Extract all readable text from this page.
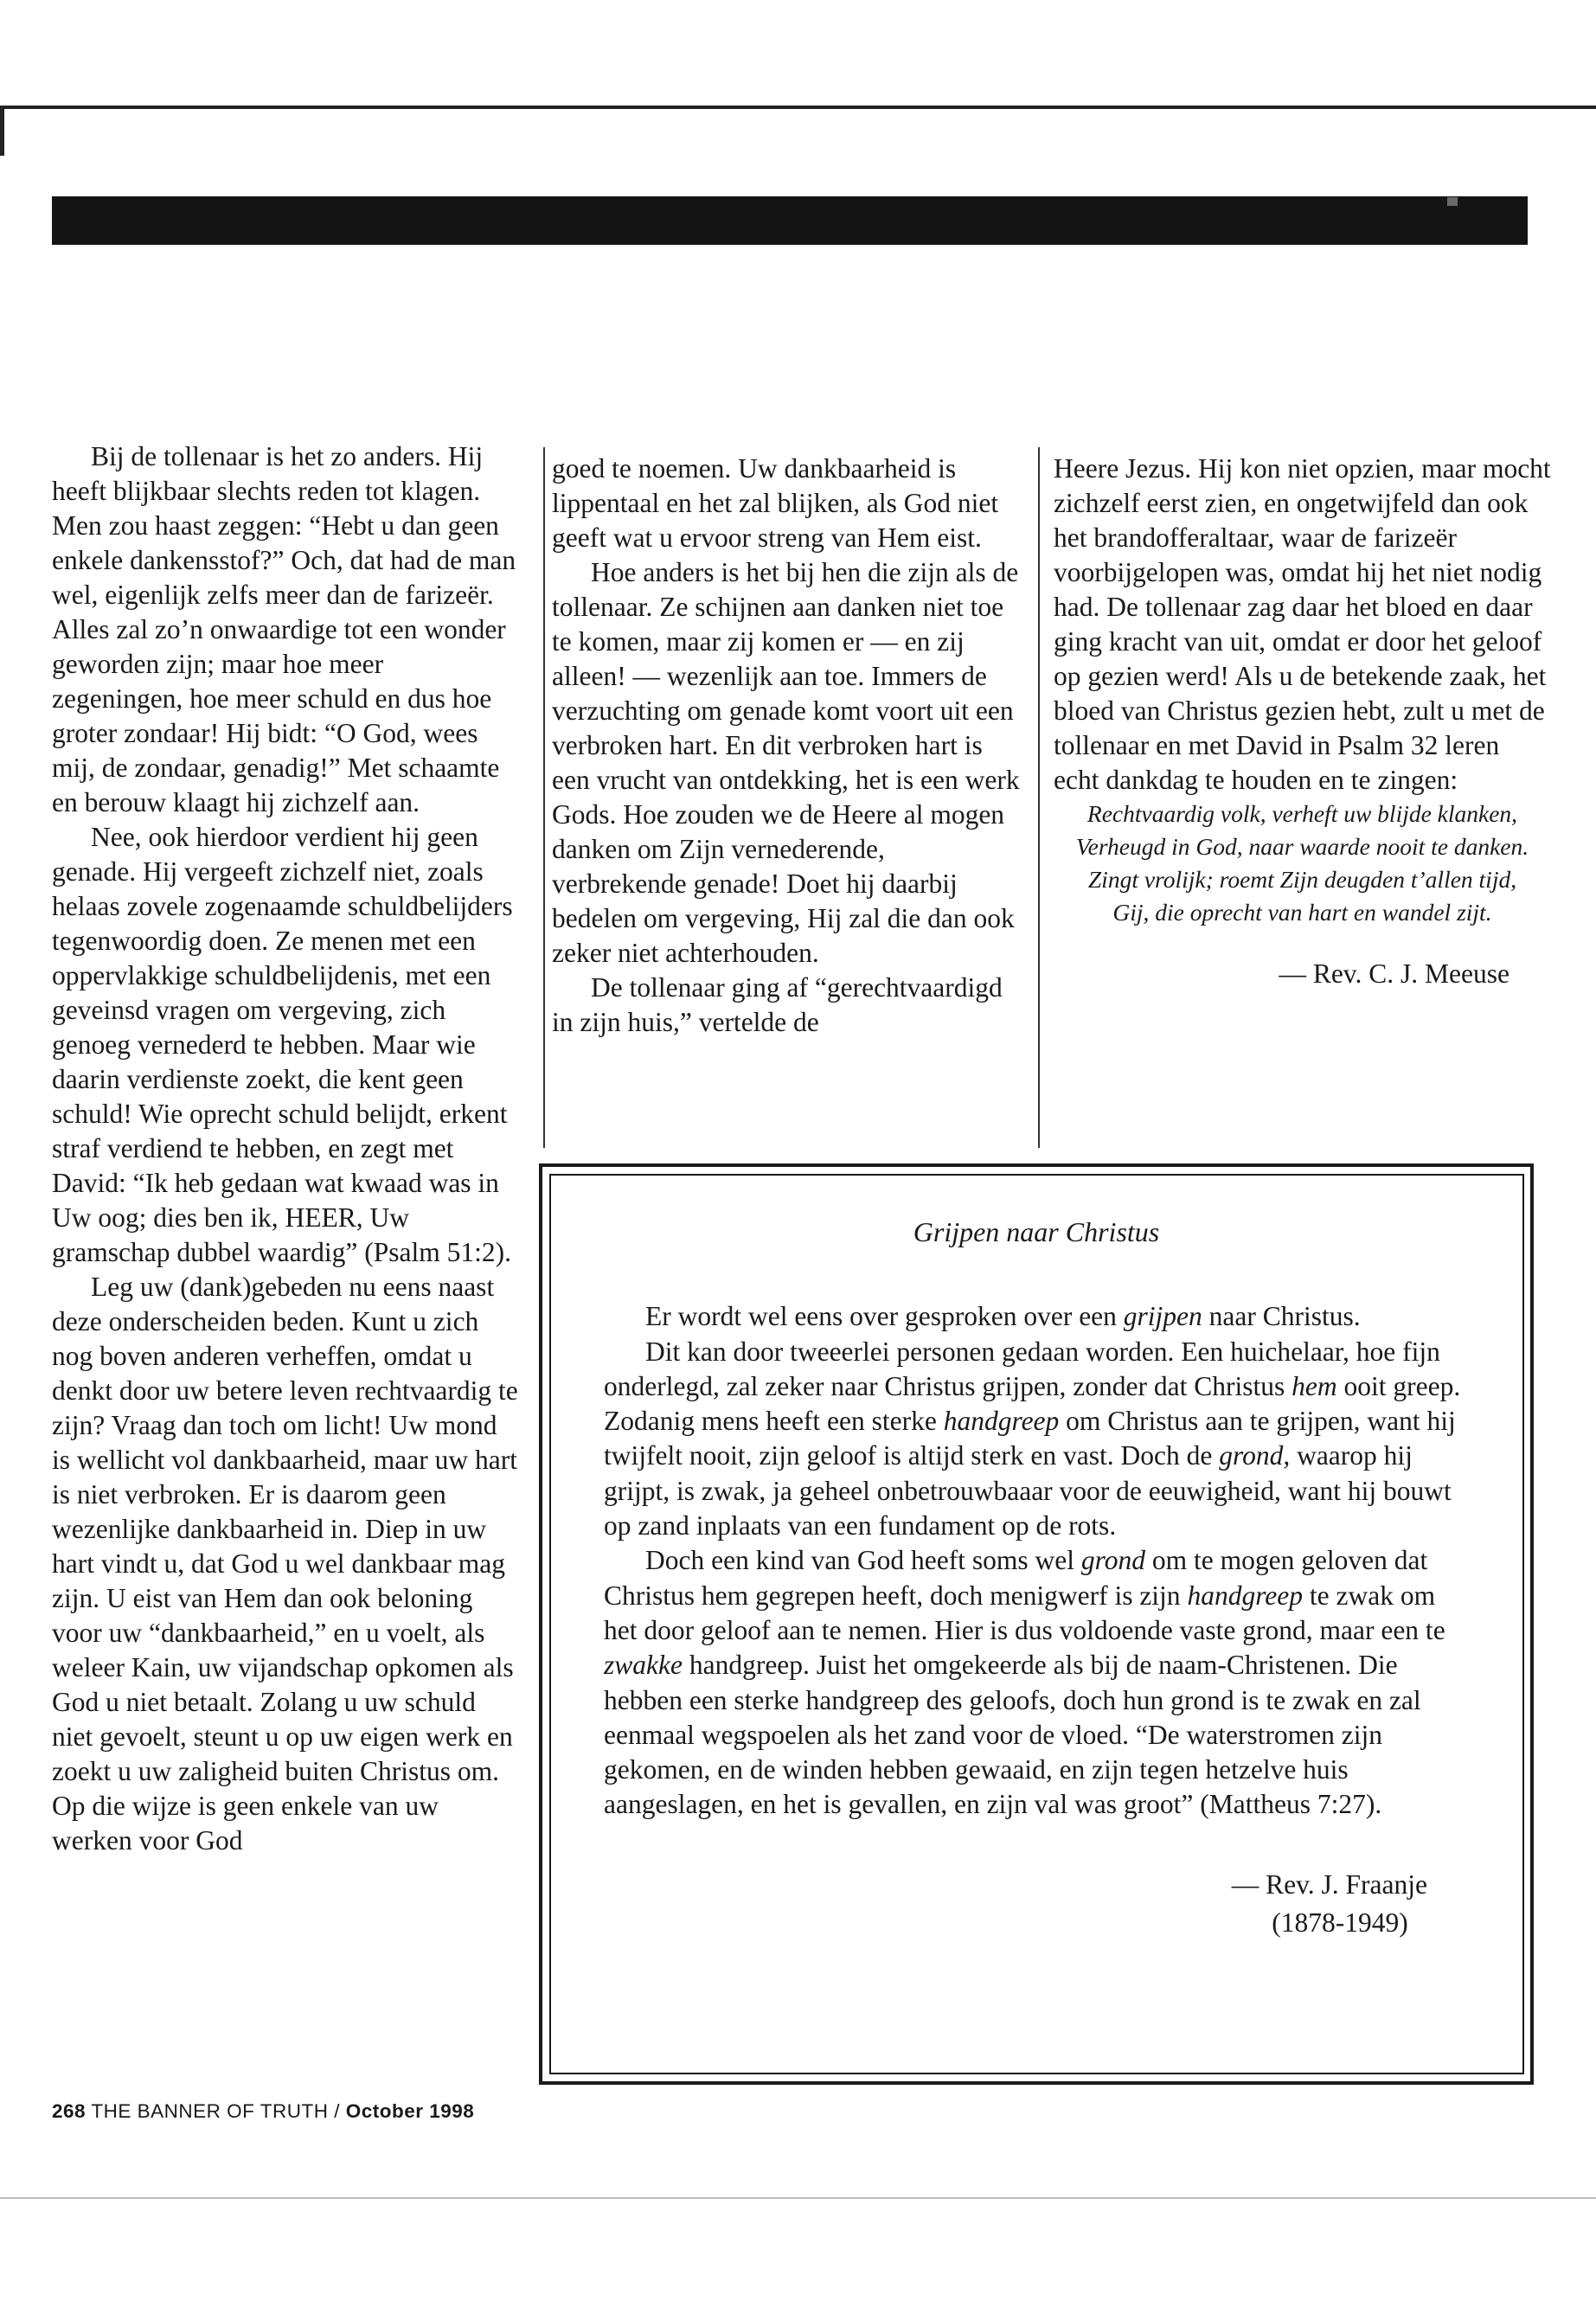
Bij de tollenaar is het zo anders. Hij heeft blijkbaar slechts reden tot klagen. Men zou haast zeggen: “Hebt u dan geen enkele dankensstof?” Och, dat had de man wel, eigenlijk zelfs meer dan de farizeër. Alles zal zo’n onwaardige tot een wonder geworden zijn; maar hoe meer zegeningen, hoe meer schuld en dus hoe groter zondaar! Hij bidt: “O God, wees mij, de zondaar, genadig!” Met schaamte en berouw klaagt hij zichzelf aan.

Nee, ook hierdoor verdient hij geen genade. Hij vergeeft zichzelf niet, zoals helaas zovele zogenaamde schuldbelijders tegenwoordig doen. Ze menen met een oppervlakkige schuldbelijdenis, met een geveinsd vragen om vergeving, zich genoeg vernederd te hebben. Maar wie daarin verdienste zoekt, die kent geen schuld! Wie oprecht schuld belijdt, erkent straf verdiend te hebben, en zegt met David: “Ik heb gedaan wat kwaad was in Uw oog; dies ben ik, HEER, Uw gramschap dubbel waardig” (Psalm 51:2).

Leg uw (dank)gebeden nu eens naast deze onderscheiden beden. Kunt u zich nog boven anderen verheffen, omdat u denkt door uw betere leven rechtvaardig te zijn? Vraag dan toch om licht! Uw mond is wellicht vol dankbaarheid, maar uw hart is niet verbroken. Er is daarom geen wezenlijke dankbaarheid in. Diep in uw hart vindt u, dat God u wel dankbaar mag zijn. U eist van Hem dan ook beloning voor uw “dankbaarheid,” en u voelt, als weleer Kain, uw vijandschap opkomen als God u niet betaalt. Zolang u uw schuld niet gevoelt, steunt u op uw eigen werk en zoekt u uw zaligheid buiten Christus om. Op die wijze is geen enkele van uw werken voor God

goed te noemen. Uw dankbaarheid is lippentaal en het zal blijken, als God niet geeft wat u ervoor streng van Hem eist.

Hoe anders is het bij hen die zijn als de tollenaar. Ze schijnen aan danken niet toe te komen, maar zij komen er — en zij alleen! — wezenlijk aan toe. Immers de verzuchting om genade komt voort uit een verbroken hart. En dit verbroken hart is een vrucht van ontdekking, het is een werk Gods. Hoe zouden we de Heere al mogen danken om Zijn vernederende, verbrekende genade! Doet hij daarbij bedelen om vergeving, Hij zal die dan ook zeker niet achterhouden.

De tollenaar ging af “gerechtvaardigd in zijn huis,” vertelde de

Heere Jezus. Hij kon niet opzien, maar mocht zichzelf eerst zien, en ongetwijfeld dan ook het brandofferaltaar, waar de farizeër voorbijgelopen was, omdat hij het niet nodig had. De tollenaar zag daar het bloed en daar ging kracht van uit, omdat er door het geloof op gezien werd! Als u de betekende zaak, het bloed van Christus gezien hebt, zult u met de tollenaar en met David in Psalm 32 leren echt dankdag te houden en te zingen:

Rechtvaardig volk, verheft uw blijde klanken,
Verheugd in God, naar waarde nooit te danken.
Zingt vrolijk; roemt Zijn deugden t’allen tijd,
Gij, die oprecht van hart en wandel zijt.

— Rev. C. J. Meeuse

Grijpen naar Christus

Er wordt wel eens over gesproken over een grijpen naar Christus.

Dit kan door tweeerlei personen gedaan worden. Een huichelaar, hoe fijn onderlegd, zal zeker naar Christus grijpen, zonder dat Christus hem ooit greep. Zodanig mens heeft een sterke handgreep om Christus aan te grijpen, want hij twijfelt nooit, zijn geloof is altijd sterk en vast. Doch de grond, waarop hij grijpt, is zwak, ja geheel onbetrouwbaaar voor de eeuwigheid, want hij bouwt op zand inplaats van een fundament op de rots.

Doch een kind van God heeft soms wel grond om te mogen geloven dat Christus hem gegrepen heeft, doch menigwerf is zijn handgreep te zwak om het door geloof aan te nemen. Hier is dus voldoende vaste grond, maar een te zwakke handgreep. Juist het omgekeerde als bij de naam-Christenen. Die hebben een sterke handgreep des geloofs, doch hun grond is te zwak en zal eenmaal wegspoelen als het zand voor de vloed. “De waterstromen zijn gekomen, en de winden hebben gewaaid, en zijn tegen hetzelve huis aangeslagen, en het is gevallen, en zijn val was groot” (Mattheus 7:27).

— Rev. J. Fraanje

(1878-1949)

268 THE BANNER OF TRUTH / October 1998
